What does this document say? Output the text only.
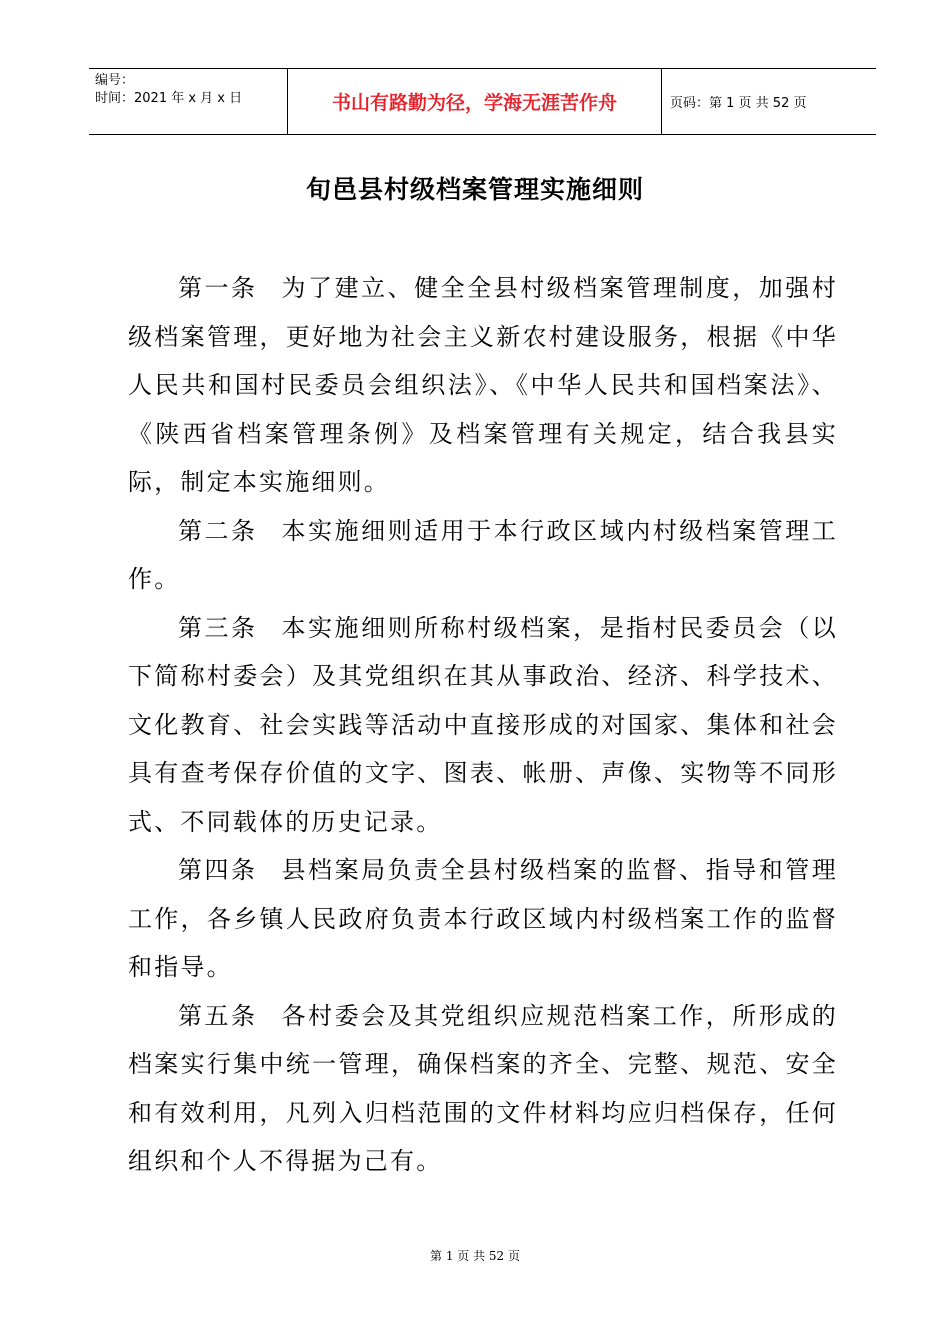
编号：
时间：2021 年 x 月 x 日	书山有路勤为径，学海无涯苦作舟	页码：第 1 页 共 52 页
旬邑县村级档案管理实施细则

第一条 为了建立、健全全县村级档案管理制度，加强村级档案管理，更好地为社会主义新农村建设服务，根据《中华人民共和国村民委员会组织法》、《中华人民共和国档案法》、《陕西省档案管理条例》及档案管理有关规定，结合我县实际，制定本实施细则。

第二条 本实施细则适用于本行政区域内村级档案管理工作。

第三条 本实施细则所称村级档案，是指村民委员会（以下简称村委会）及其党组织在其从事政治、经济、科学技术、文化教育、社会实践等活动中直接形成的对国家、集体和社会具有查考保存价值的文字、图表、帐册、声像、实物等不同形式、不同载体的历史记录。

第四条 县档案局负责全县村级档案的监督、指导和管理工作，各乡镇人民政府负责本行政区域内村级档案工作的监督和指导。

第五条 各村委会及其党组织应规范档案工作，所形成的档案实行集中统一管理，确保档案的齐全、完整、规范、安全和有效利用，凡列入归档范围的文件材料均应归档保存，任何组织和个人不得据为己有。

第 1 页 共 52 页
